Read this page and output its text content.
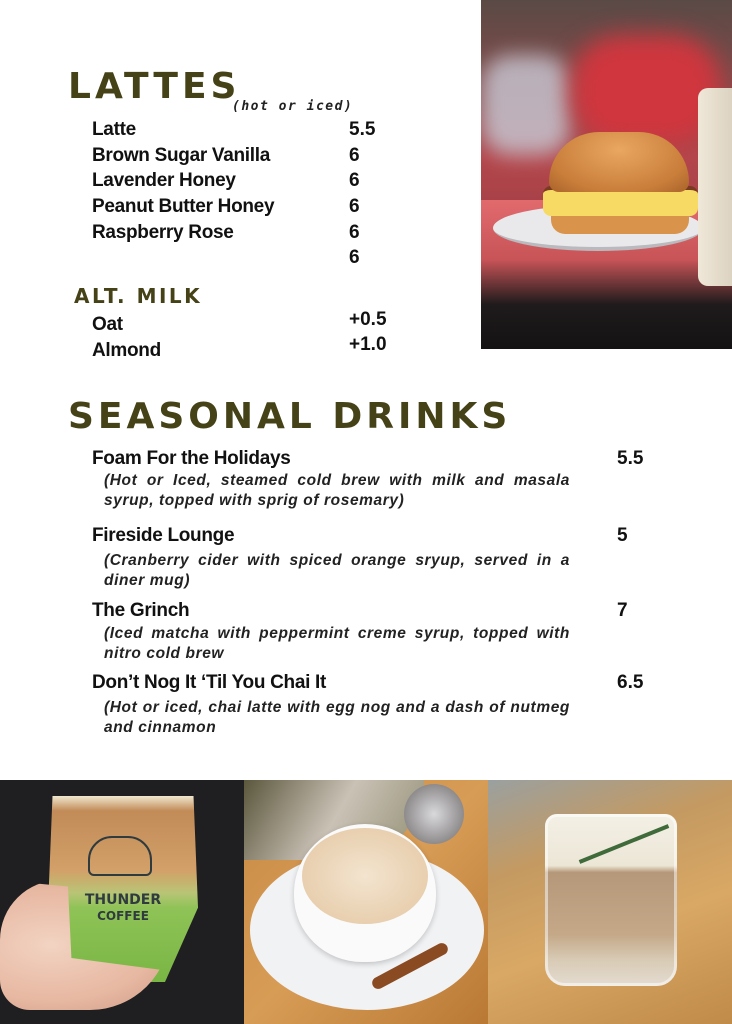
LATTES
(hot or iced)
Latte	5.5
Brown Sugar Vanilla	6
Lavender Honey	6
Peanut Butter Honey	6
Raspberry Rose	6
6
ALT. MILK
Oat	+0.5
Almond	+1.0
SEASONAL DRINKS
Foam For the Holidays	5.5
(Hot or Iced, steamed cold brew with milk and masala syrup, topped with sprig of rosemary)
Fireside Lounge	5
(Cranberry cider with spiced orange sryup, served in a diner mug)
The Grinch	7
(Iced matcha with peppermint creme syrup, topped with nitro cold brew
Don’t Nog It ‘Til You Chai It	6.5
(Hot or iced, chai latte with egg nog and a dash of nutmeg and cinnamon
THUNDER
COFFEE
